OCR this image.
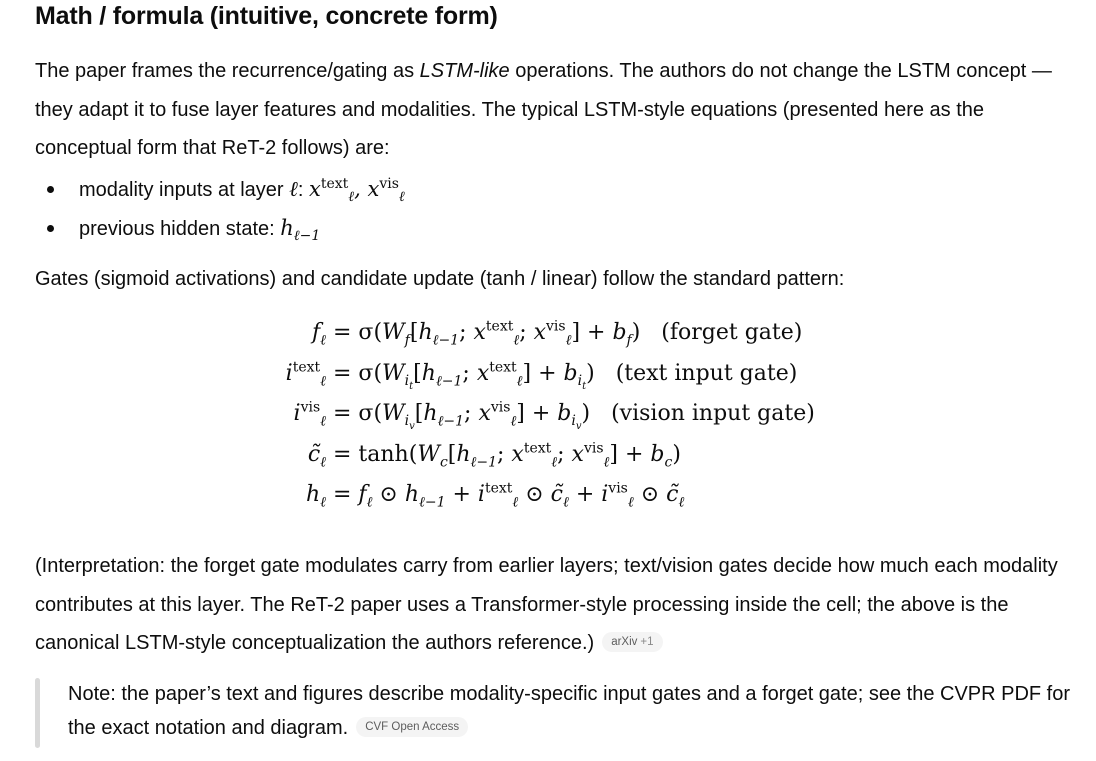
Math / formula (intuitive, concrete form)

The paper frames the recurrence/gating as LSTM-like operations. The authors do not change the LSTM concept — they adapt it to fuse layer features and modalities. The typical LSTM-style equations (presented here as the conceptual form that ReT-2 follows) are:

modality inputs at layer ℓ: $x^{text}_\ell$, $x^{vis}_\ell$
previous hidden state: $h_{\ell-1}$

Gates (sigmoid activations) and candidate update (tanh / linear) follow the standard pattern:

$f_\ell = \sigma(W_f[h_{\ell-1}$; $x^{text}_\ell$; $x^{vis}_\ell] + b_f$)   (forget gate)
$i^{text}_\ell = \sigma(W_{i_t}[h_{\ell-1}$; $x^{text}_\ell] + b_{i_t}$)   (text input gate)
$i^{vis}_\ell = \sigma(W_{i_v}[h_{\ell-1}$; $x^{vis}_\ell] + b_{i_v}$)   (vision input gate)
$c̃_\ell = \tanh(W_c[h_{\ell-1}$; $x^{text}_\ell$; $x^{vis}_\ell] + b_c$)
$h_\ell = f_\ell$ ⊙ $h_{\ell-1} + i^{text}_\ell$ ⊙ $c̃_\ell + i^{vis}_\ell$ ⊙ $c̃_\ell$

(Interpretation: the forget gate modulates carry from earlier layers; text/vision gates decide how much each modality contributes at this layer. The ReT-2 paper uses a Transformer-style processing inside the cell; the above is the canonical LSTM-style conceptualization the authors reference.) arXiv +1

Note: the paper’s text and figures describe modality-specific input gates and a forget gate; see the CVPR PDF for the exact notation and diagram. CVF Open Access
